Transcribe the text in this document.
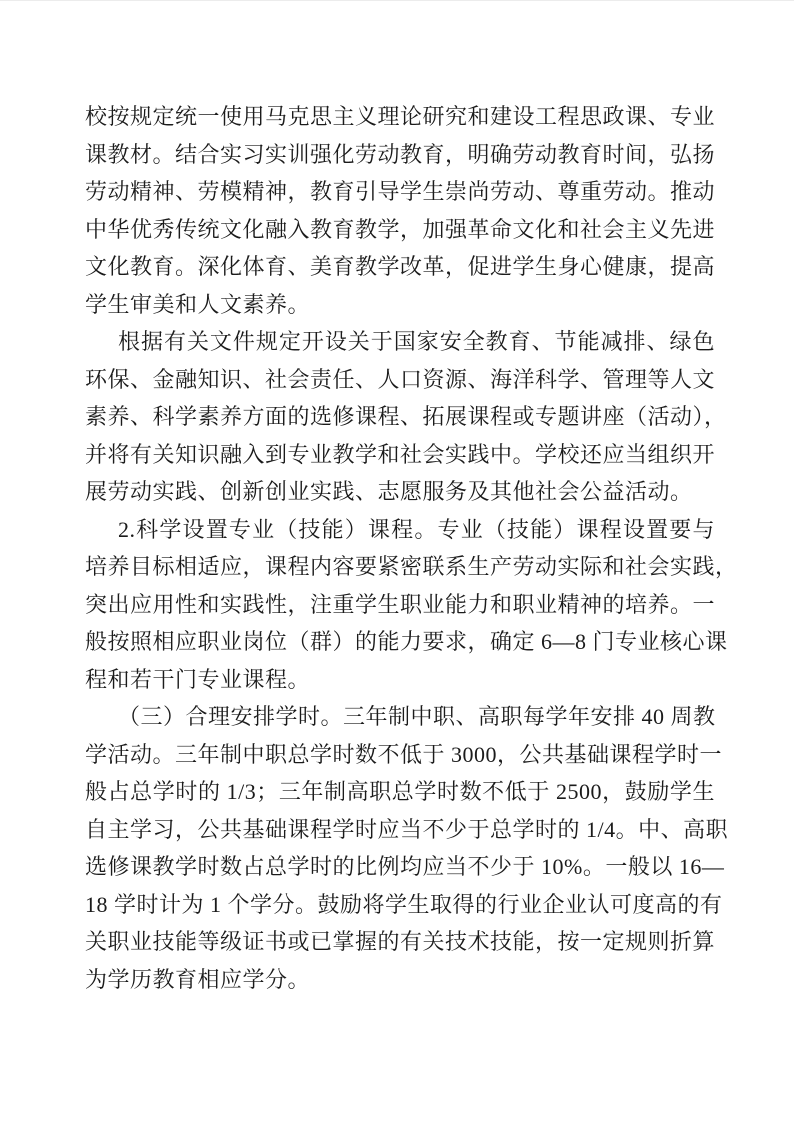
校按规定统一使用马克思主义理论研究和建设工程思政课、专业
课教材。结合实习实训强化劳动教育，明确劳动教育时间，弘扬
劳动精神、劳模精神，教育引导学生崇尚劳动、尊重劳动。推动
中华优秀传统文化融入教育教学，加强革命文化和社会主义先进
文化教育。深化体育、美育教学改革，促进学生身心健康，提高
学生审美和人文素养。
根据有关文件规定开设关于国家安全教育、节能减排、绿色
环保、金融知识、社会责任、人口资源、海洋科学、管理等人文
素养、科学素养方面的选修课程、拓展课程或专题讲座（活动），
并将有关知识融入到专业教学和社会实践中。学校还应当组织开
展劳动实践、创新创业实践、志愿服务及其他社会公益活动。
2.科学设置专业（技能）课程。专业（技能）课程设置要与
培养目标相适应，课程内容要紧密联系生产劳动实际和社会实践，
突出应用性和实践性，注重学生职业能力和职业精神的培养。一
般按照相应职业岗位（群）的能力要求，确定 6—8 门专业核心课
程和若干门专业课程。
（三）合理安排学时。三年制中职、高职每学年安排 40 周教
学活动。三年制中职总学时数不低于 3000，公共基础课程学时一
般占总学时的 1/3；三年制高职总学时数不低于 2500，鼓励学生
自主学习，公共基础课程学时应当不少于总学时的 1/4。中、高职
选修课教学时数占总学时的比例均应当不少于 10%。一般以 16—
18 学时计为 1 个学分。鼓励将学生取得的行业企业认可度高的有
关职业技能等级证书或已掌握的有关技术技能，按一定规则折算
为学历教育相应学分。
